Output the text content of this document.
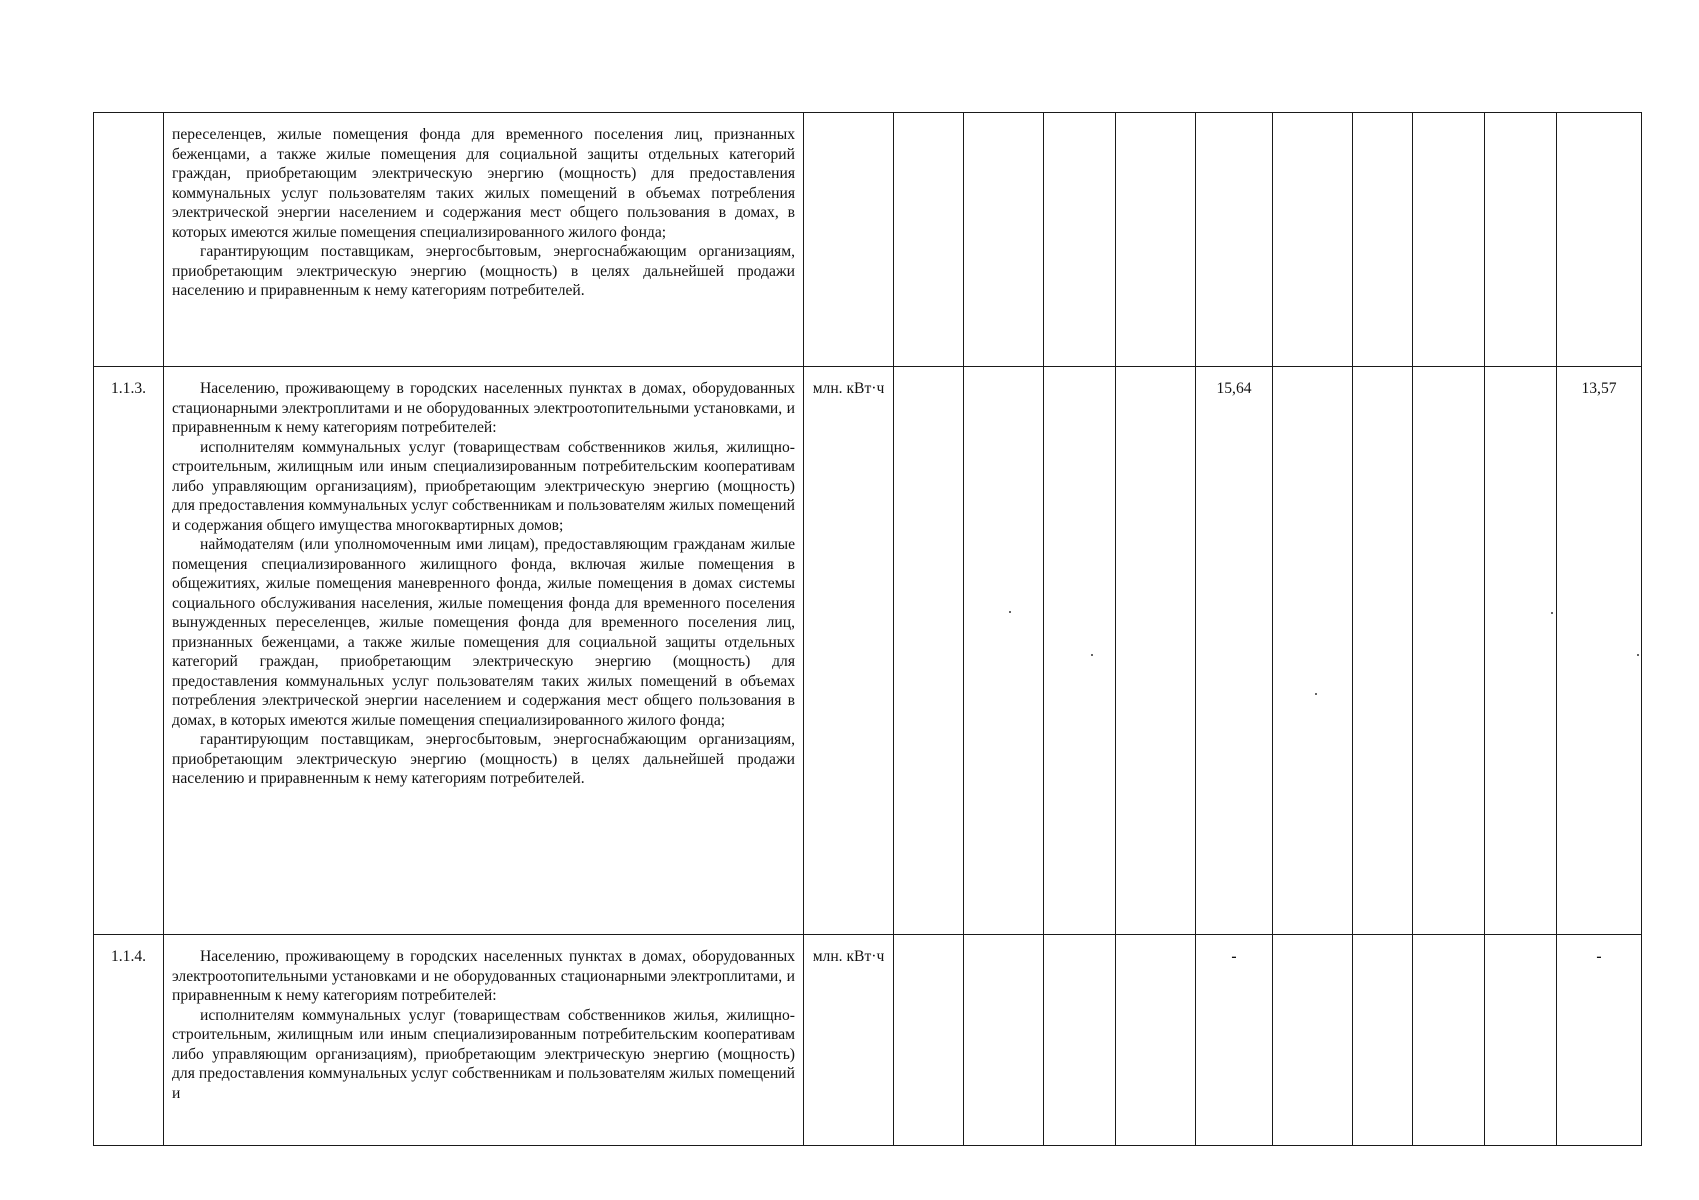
	переселенцев, жилые помещения фонда для временного поселения лиц, признанных беженцами, а также жилые помещения для социальной защиты отдельных категорий граждан, приобретающим электрическую энергию (мощность) для предоставления коммунальных услуг пользователям таких жилых помещений в объемах потребления электрической энергии населением и содержания мест общего пользования в домах, в которых имеются жилые помещения специализированного жилого фонда;

гарантирующим поставщикам, энергосбытовым, энергоснабжающим организациям, приобретающим электрическую энергию (мощность) в целях дальнейшей продажи населению и приравненным к нему категориям потребителей.											

1.1.3.	Населению, проживающему в городских населенных пунктах в домах, оборудованных стационарными электроплитами и не оборудованных электроотопительными установками, и приравненным к нему категориям потребителей:

исполнителям коммунальных услуг (товариществам собственников жилья, жилищно-строительным, жилищным или иным специализированным потребительским кооперативам либо управляющим организациям), приобретающим электрическую энергию (мощность) для предоставления коммунальных услуг собственникам и пользователям жилых помещений и содержания общего имущества многоквартирных домов;

наймодателям (или уполномоченным ими лицам), предоставляющим гражданам жилые помещения специализированного жилищного фонда, включая жилые помещения в общежитиях, жилые помещения маневренного фонда, жилые помещения в домах системы социального обслуживания населения, жилые помещения фонда для временного поселения вынужденных переселенцев, жилые помещения фонда для временного поселения лиц, признанных беженцами, а также жилые помещения для социальной защиты отдельных категорий граждан, приобретающим электрическую энергию (мощность) для предоставления коммунальных услуг пользователям таких жилых помещений в объемах потребления электрической энергии населением и содержания мест общего пользования в домах, в которых имеются жилые помещения специализированного жилого фонда;

гарантирующим поставщикам, энергосбытовым, энергоснабжающим организациям, приобретающим электрическую энергию (мощность) в целях дальнейшей продажи населению и приравненным к нему категориям потребителей.	млн. кВт·ч					15,64					13,57
1.1.4.	Населению, проживающему в городских населенных пунктах в домах, оборудованных электроотопительными установками и не оборудованных стационарными электроплитами, и приравненным к нему категориям потребителей:

исполнителям коммунальных услуг (товариществам собственников жилья, жилищно-строительным, жилищным или иным специализированным потребительским кооперативам либо управляющим организациям), приобретающим электрическую энергию (мощность) для предоставления коммунальных услуг собственникам и пользователям жилых помещений и	млн. кВт·ч					-					-
